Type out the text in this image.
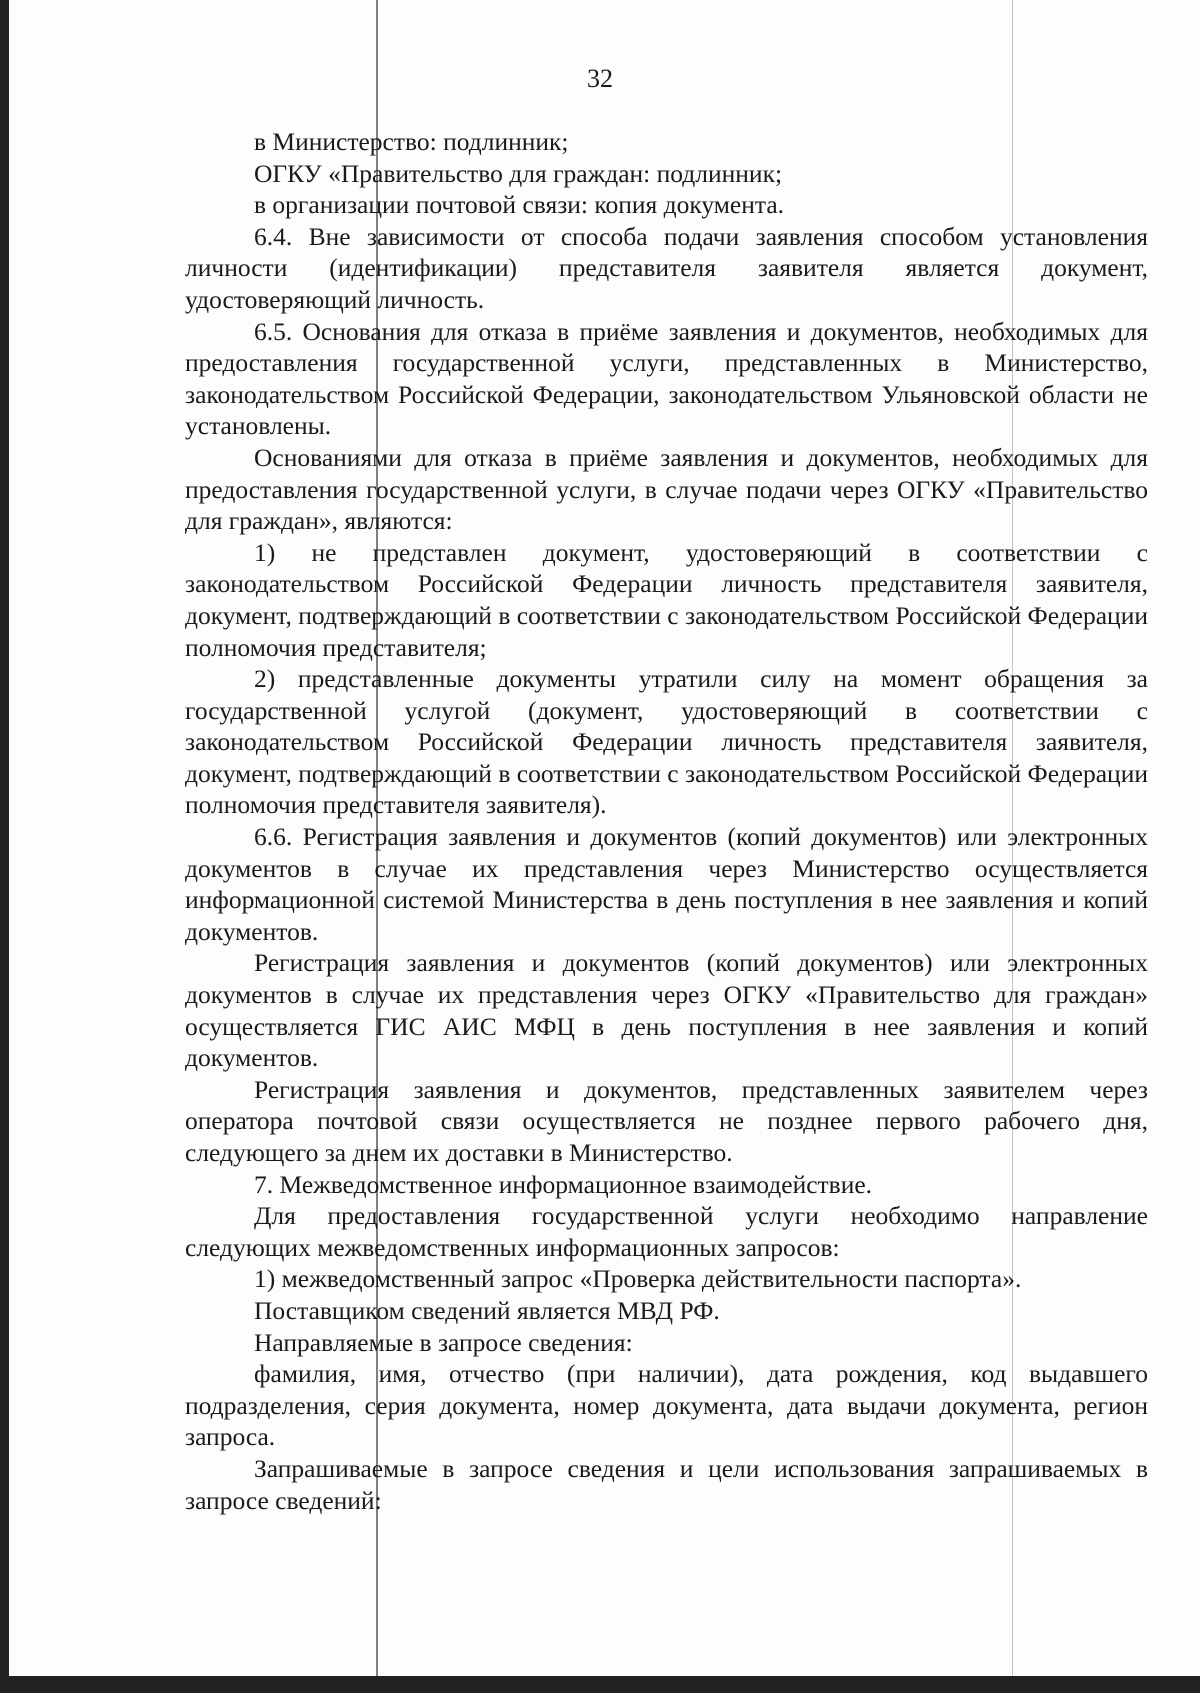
32

в Министерство: подлинник;

ОГКУ «Правительство для граждан: подлинник;

в организации почтовой связи: копия документа.

6.4. Вне зависимости от способа подачи заявления способом установления личности (идентификации) представителя заявителя является документ, удостоверяющий личность.

6.5. Основания для отказа в приёме заявления и документов, необходимых для предоставления государственной услуги, представленных в Министерство, законодательством Российской Федерации, законодательством Ульяновской области не установлены.

Основаниями для отказа в приёме заявления и документов, необходимых для предоставления государственной услуги, в случае подачи через ОГКУ «Правительство для граждан», являются:

1) не представлен документ, удостоверяющий в соответствии с законодательством Российской Федерации личность представителя заявителя, документ, подтверждающий в соответствии с законодательством Российской Федерации полномочия представителя;

2) представленные документы утратили силу на момент обращения за государственной услугой (документ, удостоверяющий в соответствии с законодательством Российской Федерации личность представителя заявителя, документ, подтверждающий в соответствии с законодательством Российской Федерации полномочия представителя заявителя).

6.6. Регистрация заявления и документов (копий документов) или электронных документов в случае их представления через Министерство осуществляется информационной системой Министерства в день поступления в нее заявления и копий документов.

Регистрация заявления и документов (копий документов) или электронных документов в случае их представления через ОГКУ «Правительство для граждан» осуществляется ГИС АИС МФЦ в день поступления в нее заявления и копий документов.

Регистрация заявления и документов, представленных заявителем через оператора почтовой связи осуществляется не позднее первого рабочего дня, следующего за днем их доставки в Министерство.

7. Межведомственное информационное взаимодействие.

Для предоставления государственной услуги необходимо направление следующих межведомственных информационных запросов:

1) межведомственный запрос «Проверка действительности паспорта».

Поставщиком сведений является МВД РФ.

Направляемые в запросе сведения:

фамилия, имя, отчество (при наличии), дата рождения, код выдавшего подразделения, серия документа, номер документа, дата выдачи документа, регион запроса.

Запрашиваемые в запросе сведения и цели использования запрашиваемых в запросе сведений:
